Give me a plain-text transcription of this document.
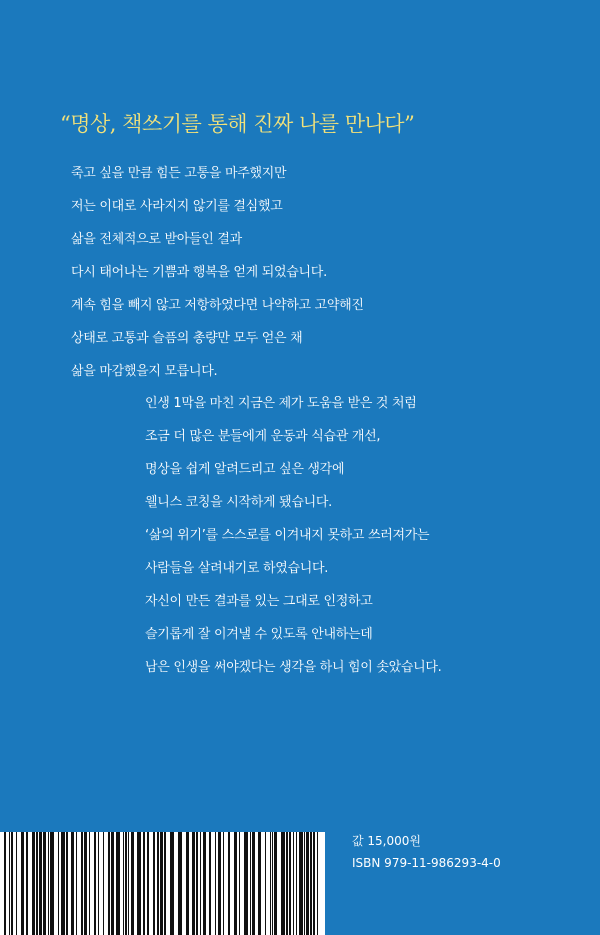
“명상, 책쓰기를 통해 진짜 나를 만나다”
죽고 싶을 만큼 힘든 고통을 마주했지만
저는 이대로 사라지지 않기를 결심했고
삶을 전체적으로 받아들인 결과
다시 태어나는 기쁨과 행복을 얻게 되었습니다.
계속 힘을 빼지 않고 저항하였다면 나약하고 고약해진
상태로 고통과 슬픔의 총량만 모두 얻은 채
삶을 마감했을지 모릅니다.
인생 1막을 마친 지금은 제가 도움을 받은 것 처럼
조금 더 많은 분들에게 운동과 식습관 개선,
명상을 쉽게 알려드리고 싶은 생각에
웰니스 코칭을 시작하게 됐습니다.
‘삶의 위기’를 스스로를 이겨내지 못하고 쓰러져가는
사람들을 살려내기로 하였습니다.
자신이 만든 결과를 있는 그대로 인정하고
슬기롭게 잘 이겨낼 수 있도록 안내하는데
남은 인생을 써야겠다는 생각을 하니 힘이 솟았습니다.
값 15,000원
ISBN 979-11-986293-4-0
